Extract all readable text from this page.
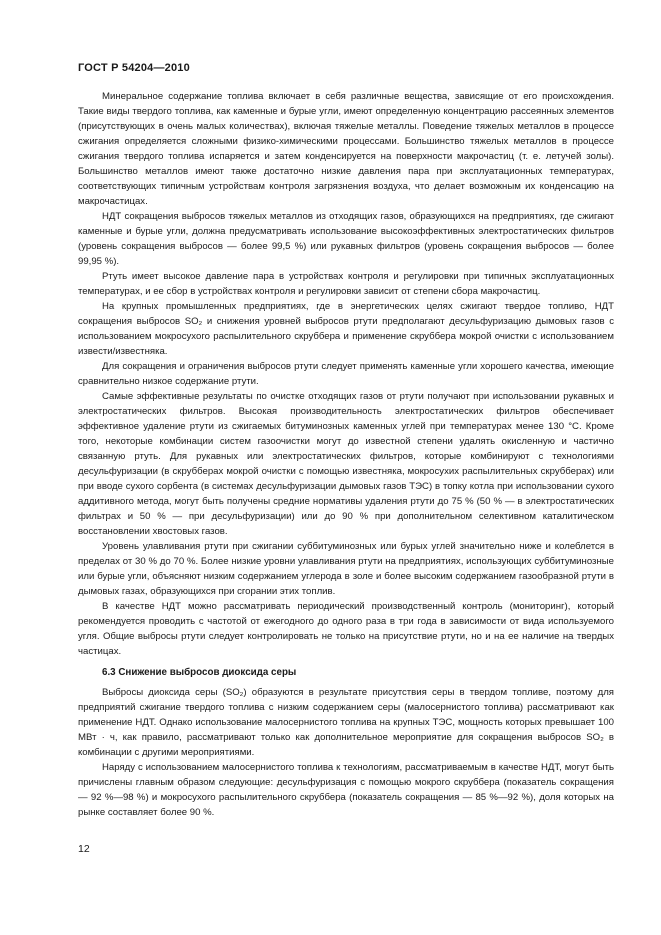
ГОСТ Р 54204—2010

Минеральное содержание топлива включает в себя различные вещества, зависящие от его происхождения. Такие виды твердого топлива, как каменные и бурые угли, имеют определенную концентрацию рассеянных элементов (присутствующих в очень малых количествах), включая тяжелые металлы. Поведение тяжелых металлов в процессе сжигания определяется сложными физико-химическими процессами. Большинство тяжелых металлов в процессе сжигания твердого топлива испаряется и затем конденсируется на поверхности макрочастиц (т. е. летучей золы). Большинство металлов имеют также достаточно низкие давления пара при эксплуатационных температурах, соответствующих типичным устройствам контроля загрязнения воздуха, что делает возможным их конденсацию на макрочастицах.

НДТ сокращения выбросов тяжелых металлов из отходящих газов, образующихся на предприятиях, где сжигают каменные и бурые угли, должна предусматривать использование высокоэффективных электростатических фильтров (уровень сокращения выбросов — более 99,5 %) или рукавных фильтров (уровень сокращения выбросов — более 99,95 %).

Ртуть имеет высокое давление пара в устройствах контроля и регулировки при типичных эксплуатационных температурах, и ее сбор в устройствах контроля и регулировки зависит от степени сбора макрочастиц.

На крупных промышленных предприятиях, где в энергетических целях сжигают твердое топливо, НДТ сокращения выбросов SO₂ и снижения уровней выбросов ртути предполагают десульфуризацию дымовых газов с использованием мокросухого распылительного скруббера и применение скруббера мокрой очистки с использованием извести/известняка.

Для сокращения и ограничения выбросов ртути следует применять каменные угли хорошего качества, имеющие сравнительно низкое содержание ртути.

Самые эффективные результаты по очистке отходящих газов от ртути получают при использовании рукавных и электростатических фильтров. Высокая производительность электростатических фильтров обеспечивает эффективное удаление ртути из сжигаемых битуминозных каменных углей при температурах менее 130 °С. Кроме того, некоторые комбинации систем газоочистки могут до известной степени удалять окисленную и частично связанную ртуть. Для рукавных или электростатических фильтров, которые комбинируют с технологиями десульфуризации (в скрубберах мокрой очистки с помощью известняка, мокросухих распылительных скрубберах) или при вводе сухого сорбента (в системах десульфуризации дымовых газов ТЭС) в топку котла при использовании сухого аддитивного метода, могут быть получены средние нормативы удаления ртути до 75 % (50 % — в электростатических фильтрах и 50 % — при десульфуризации) или до 90 % при дополнительном селективном каталитическом восстановлении хвостовых газов.

Уровень улавливания ртути при сжигании суббитуминозных или бурых углей значительно ниже и колеблется в пределах от 30 % до 70 %. Более низкие уровни улавливания ртути на предприятиях, использующих суббитуминозные или бурые угли, объясняют низким содержанием углерода в золе и более высоким содержанием газообразной ртути в дымовых газах, образующихся при сгорании этих топлив.

В качестве НДТ можно рассматривать периодический производственный контроль (мониторинг), который рекомендуется проводить с частотой от ежегодного до одного раза в три года в зависимости от вида используемого угля. Общие выбросы ртути следует контролировать не только на присутствие ртути, но и на ее наличие на твердых частицах.

6.3 Снижение выбросов диоксида серы

Выбросы диоксида серы (SO₂) образуются в результате присутствия серы в твердом топливе, поэтому для предприятий сжигание твердого топлива с низким содержанием серы (малосернистого топлива) рассматривают как применение НДТ. Однако использование малосернистого топлива на крупных ТЭС, мощность которых превышает 100 МВт · ч, как правило, рассматривают только как дополнительное мероприятие для сокращения выбросов SO₂ в комбинации с другими мероприятиями.

Наряду с использованием малосернистого топлива к технологиям, рассматриваемым в качестве НДТ, могут быть причислены главным образом следующие: десульфуризация с помощью мокрого скруббера (показатель сокращения — 92 %—98 %) и мокросухого распылительного скруббера (показатель сокращения — 85 %—92 %), доля которых на рынке составляет более 90 %.

12
